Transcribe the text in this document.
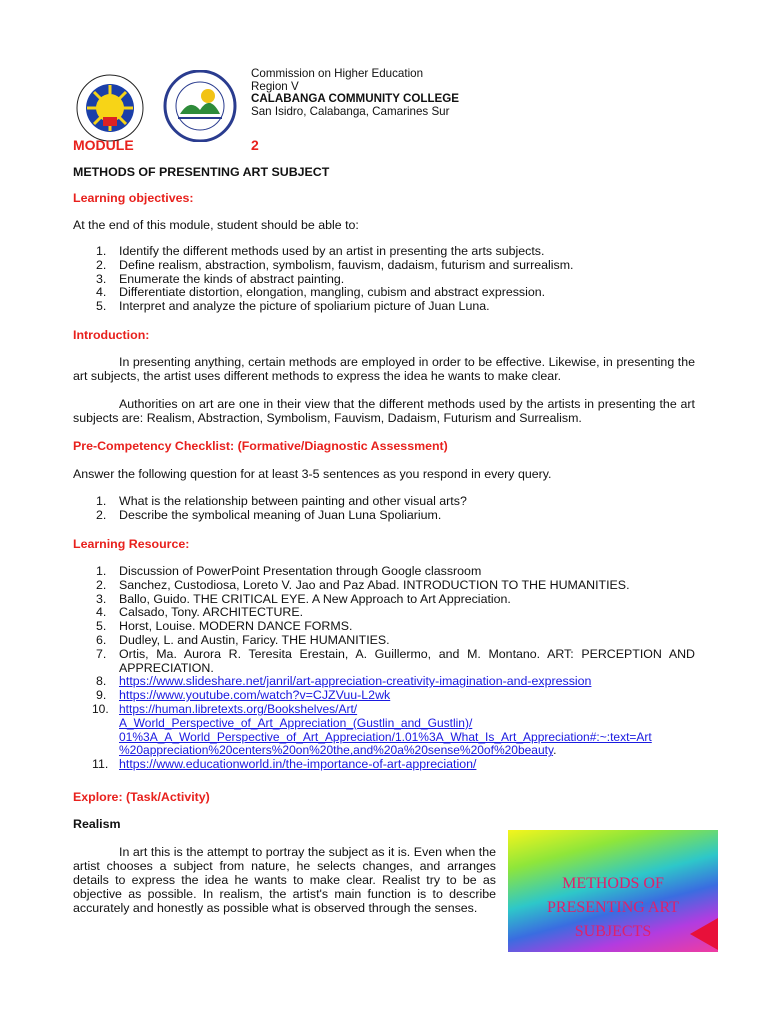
Commission on Higher Education
Region V
CALABANGA COMMUNITY COLLEGE
San Isidro, Calabanga, Camarines Sur
MODULE	2
METHODS OF PRESENTING ART SUBJECT
Learning objectives:
At the end of this module, student should be able to:
1. Identify the different methods used by an artist in presenting the arts subjects.
2. Define realism, abstraction, symbolism, fauvism, dadaism, futurism and surrealism.
3. Enumerate the kinds of abstract painting.
4. Differentiate distortion, elongation, mangling, cubism and abstract expression.
5. Interpret and analyze the picture of spoliarium picture of Juan Luna.
Introduction:

In presenting anything, certain methods are employed in order to be effective. Likewise, in presenting the art subjects, the artist uses different methods to express the idea he wants to make clear.

Authorities on art are one in their view that the different methods used by the artists in presenting the art subjects are: Realism, Abstraction, Symbolism, Fauvism, Dadaism, Futurism and Surrealism.

Pre-Competency Checklist: (Formative/Diagnostic Assessment)
Answer the following question for at least 3-5 sentences as you respond in every query.
1. What is the relationship between painting and other visual arts?
2. Describe the symbolical meaning of Juan Luna Spoliarium.
Learning Resource:
1. Discussion of PowerPoint Presentation through Google classroom
2. Sanchez, Custodiosa, Loreto V. Jao and Paz Abad. INTRODUCTION TO THE HUMANITIES.
3. Ballo, Guido. THE CRITICAL EYE. A New Approach to Art Appreciation.
4. Calsado, Tony. ARCHITECTURE.
5. Horst, Louise. MODERN DANCE FORMS.
6. Dudley, L. and Austin, Faricy. THE HUMANITIES.
7. Ortis, Ma. Aurora R. Teresita Erestain, A. Guillermo, and M. Montano. ART: PERCEPTION AND APPRECIATION.
8. https://www.slideshare.net/janril/art-appreciation-creativity-imagination-and-expression
9. https://www.youtube.com/watch?v=CJZVuu-L2wk
10. https://human.libretexts.org/Bookshelves/Art/
A_World_Perspective_of_Art_Appreciation_(Gustlin_and_Gustlin)/
01%3A_A_World_Perspective_of_Art_Appreciation/1.01%3A_What_Is_Art_Appreciation#:~:text=Art
%20appreciation%20centers%20on%20the,and%20a%20sense%20of%20beauty.
11. https://www.educationworld.in/the-importance-of-art-appreciation/
Explore: (Task/Activity)
Realism

In art this is the attempt to portray the subject as it is. Even when the artist chooses a subject from nature, he selects changes, and arranges details to express the idea he wants to make clear. Realist try to be as objective as possible. In realism, the artist's main function is to describe accurately and honestly as possible what is observed through the senses.

METHODS OF
PRESENTING ART
SUBJECTS
